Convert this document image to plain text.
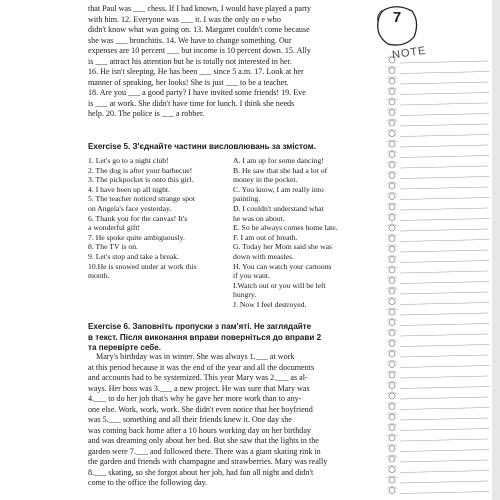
that Paul was ___ chess. If I had known, I would have played a party
with him. 12. Everyone was ___ it. I was the only on e who
didn't know what was going on. 13. Margaret couldn't come because
she was ___ bronchitis. 14. We have to change something. Our
expenses are 10 percent ___ but income is 10 percent down. 15. Ally
is ___ attract his attention but he is totally not interested in her.
16. He isn't sleeping. He has been ___ since 5 a.m. 17. Look at her
manner of speaking, her looks! She is just ___ to be a teacher.
18. Are you ___ a good party? I have invited some friends! 19. Eve
is ___ at work. She didn't have time for lunch. I think she needs
help. 20. The police is ___ a robber.
Exercise 5. З'єднайте частини висловлювань за змістом.
1. Let's go to a night club!
2. The dog is after your barbecue!
3. The pickpocket is onto this girl.
4. I have been up all night.
5. The teacher noticed strange spot
on Angela's face yesterday.
6. Thank you for the canvas! It's
a wonderful gift!
7. He spoke quite ambiguously.
8. The TV is on.
9. Let's stop and take a break.
10.He is snowed under at work this
month.
A. I am up for some dancing!
B. He saw that she had a lot of
money in the pocket.
C. You know, I am really into
painting.
D. I couldn't understand what
he was on about.
E. So he always comes home late.
F. I am out of breath.
G. Today her Mom said she was
down with measles.
H. You can watch your cartoons
if you want.
I.Watch out or you will be left
hungry.
J. Now I feel destroyed.
Exercise 6. Заповніть пропуски з пам'яті. Не заглядайте
в текст. Після виконання вправи поверніться до вправи 2
та перевірте себе.
Mary's birthday was in winter. She was always 1.___ at work
at this period because it was the end of the year and all the documents
and accounts had to be systemized. This year Mary was 2.___ as al-
ways. Her boss was 3.___ a new project. He was sure that Mary was
4.___ to do her job that's why he gave her more work than to any-
one else. Work, work, work. She didn't even notice that her boyfriend
was 5.___ something and all their friends knew it. One day she
was coming back home after a 10 hours working day on her birthday
and was dreaming only about her bed. But she saw that the lights in the
garden were 7.___ and followed there. There was a giant skating rink in
the garden and friends with champagne and strawberries. Mary was really
8.___ skating, so she forgot about her job, had fun all night and didn't
come to the office the following day.
7
NOTE
